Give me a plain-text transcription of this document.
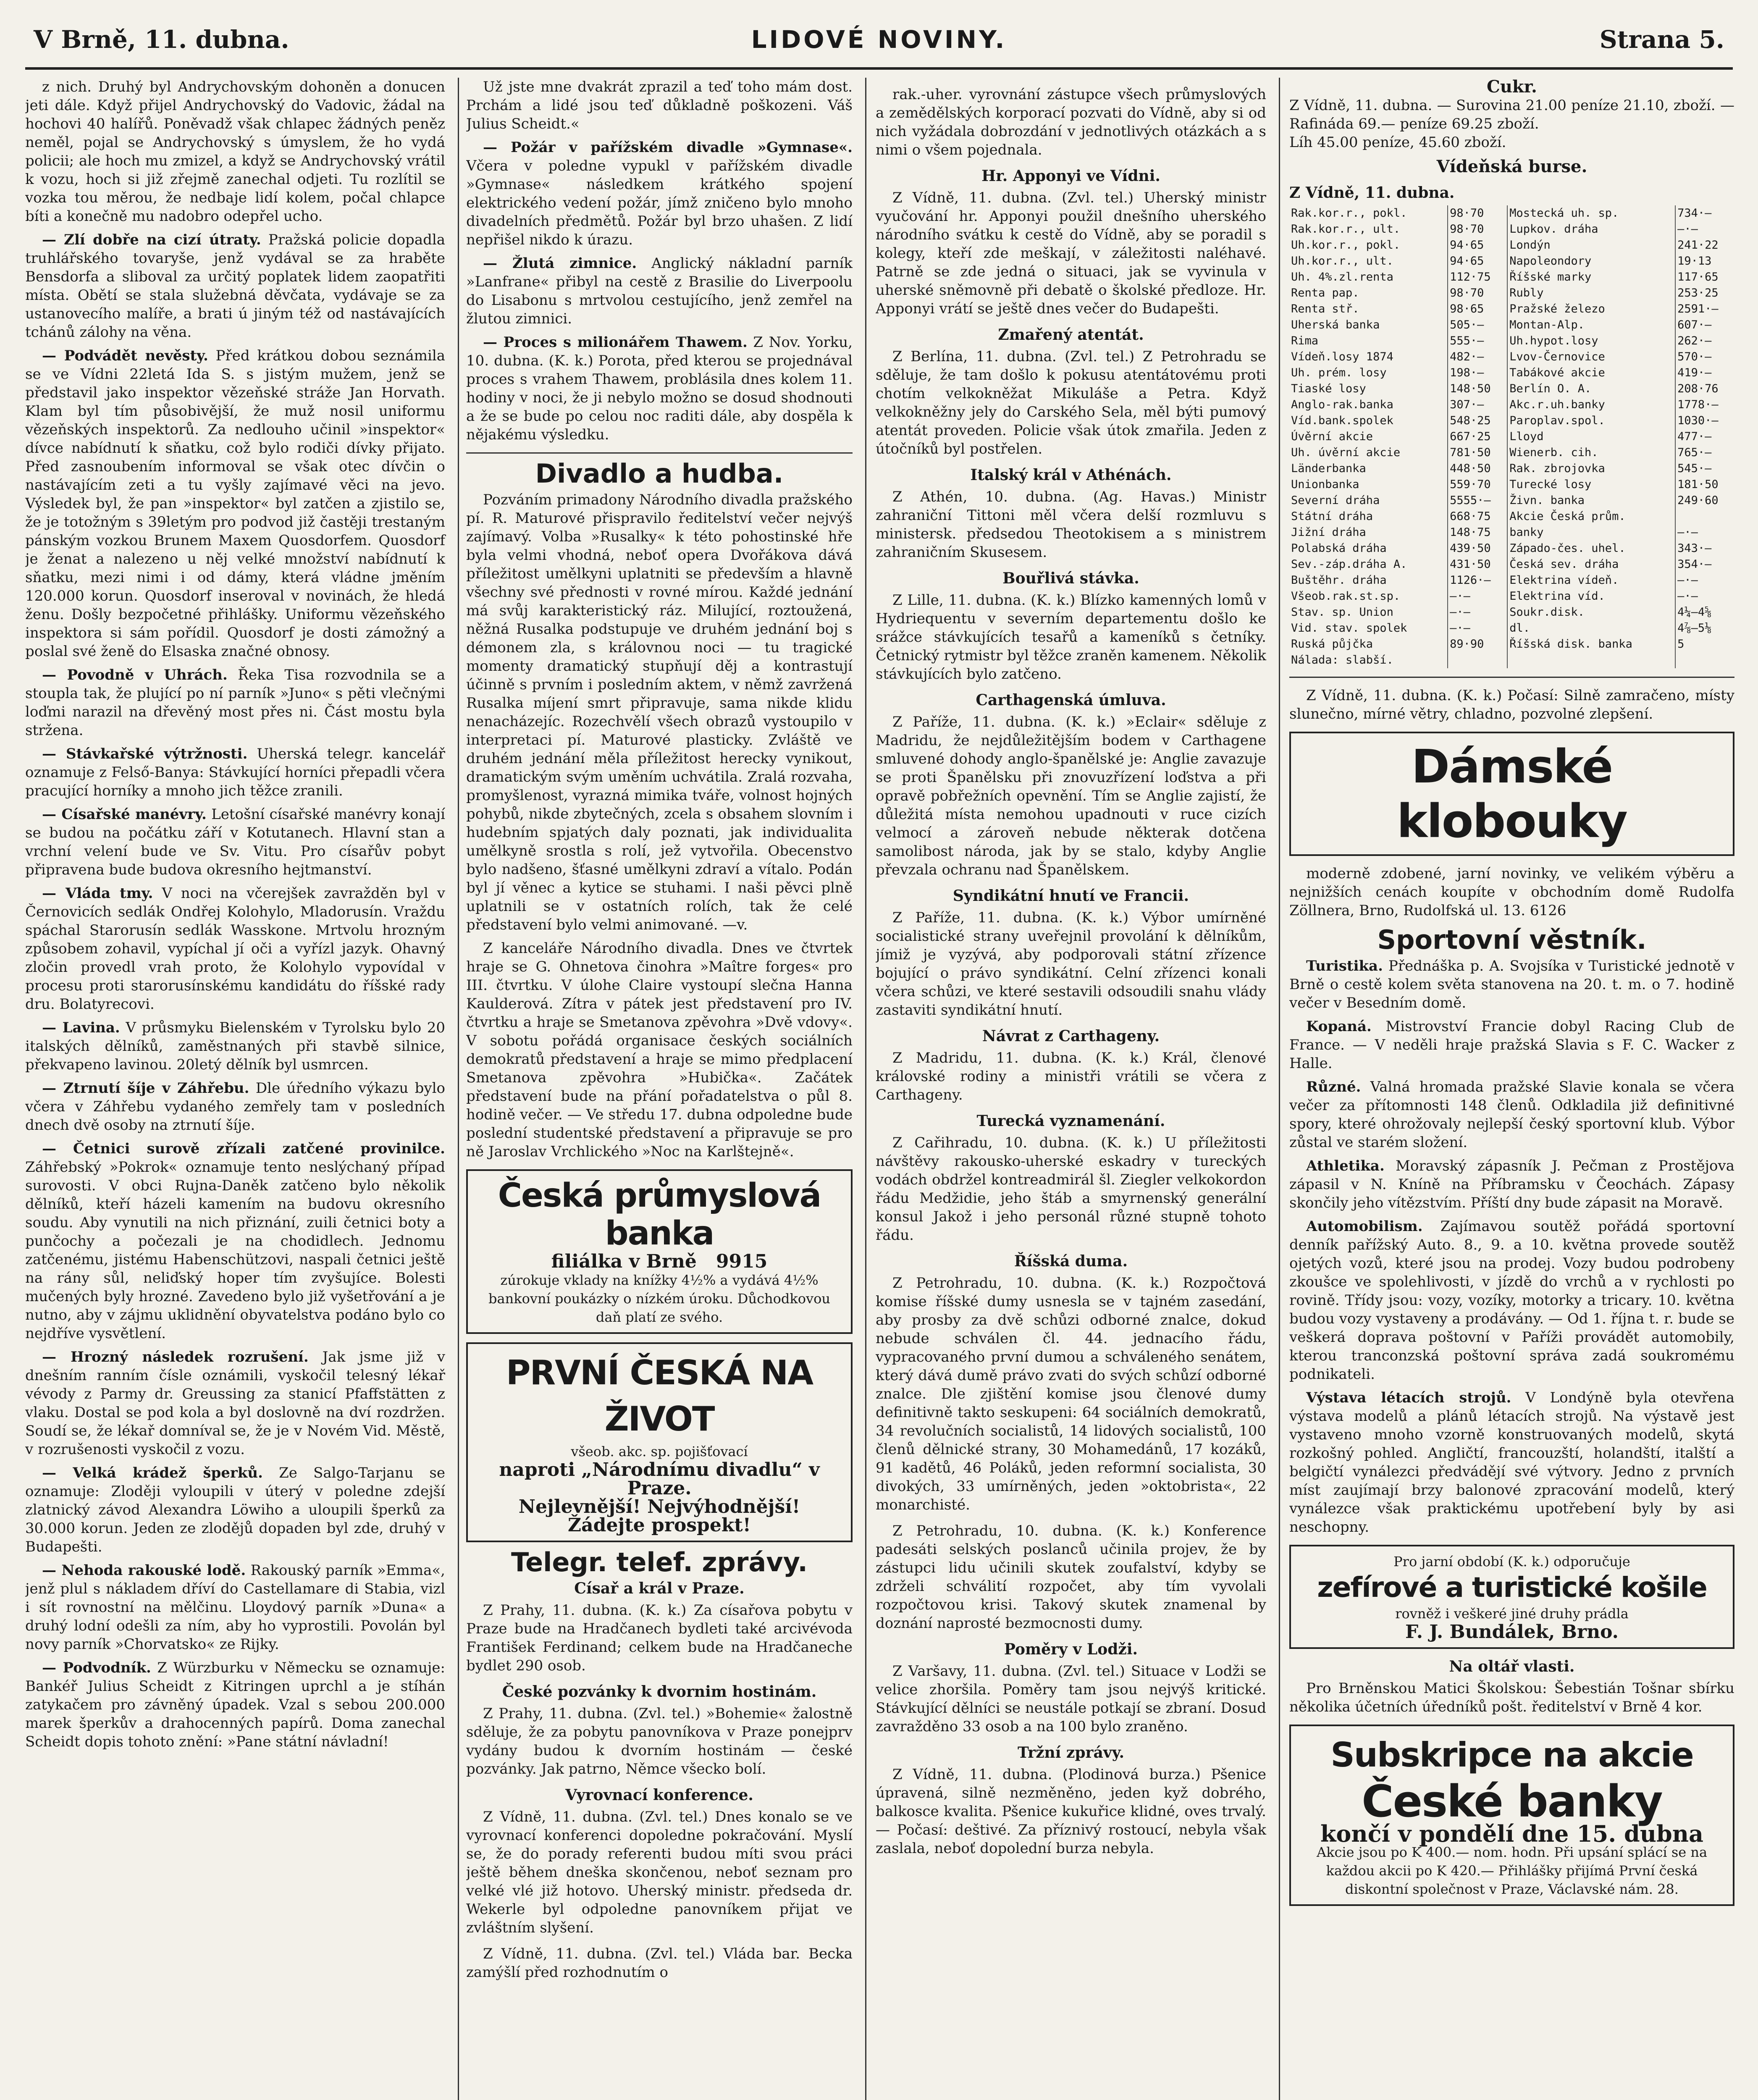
V Brně, 11. dubna.	LIDOVÉ NOVINY.	Strana 5.

z nich. Druhý byl Andrychovským dohoněn a donucen jeti dále. Když přijel Andrychovský do Vadovic, žádal na hochovi 40 halířů. Poněvadž však chlapec žádných peněz neměl, pojal se Andrychovský s úmyslem, že ho vydá policii; ale hoch mu zmizel, a když se Andrychovský vrátil k vozu, hoch si již zřejmě zanechal odjeti. Tu rozlítil se vozka tou měrou, že nedbaje lidí kolem, počal chlapce bíti a konečně mu nadobro odepřel ucho.

— Zlí dobře na cizí útraty. Pražská policie dopadla truhlářského tovaryše, jenž vydával se za hraběte Bensdorfa a sliboval za určitý poplatek lidem zaopatřiti místa. Obětí se stala služebná děvčata, vydávaje se za ustanovecího malíře, a brati ú jiným též od nastávajících tchánů zálohy na věna.

— Podvádět nevěsty. Před krátkou dobou seznámila se ve Vídni 22letá Ida S. s jistým mužem, jenž se představil jako inspektor vězeňské stráže Jan Horvath. Klam byl tím působivější, že muž nosil uniformu vězeňských inspektorů. Za nedlouho učinil »inspektor« dívce nabídnutí k sňatku, což bylo rodiči dívky přijato. Před zasnoubením informoval se však otec dívčin o nastávajícím zeti a tu vyšly zajímavé věci na jevo. Výsledek byl, že pan »inspektor« byl zatčen a zjistilo se, že je totožným s 39letým pro podvod již častěji trestaným pánským vozkou Brunem Maxem Quosdorfem. Quosdorf je ženat a nalezeno u něj velké množství nabídnutí k sňatku, mezi nimi i od dámy, která vládne jměním 120.000 korun. Quosdorf inseroval v novinách, že hledá ženu. Došly bezpočetné přihlášky. Uniformu vězeňského inspektora si sám pořídil. Quosdorf je dosti zámožný a poslal své ženě do Elsaska značné obnosy.

— Povodně v Uhrách. Řeka Tisa rozvodnila se a stoupla tak, že plující po ní parník »Juno« s pěti vlečnými loďmi narazil na dřevěný most přes ni. Část mostu byla stržena.

— Stávkařské výtržnosti. Uherská telegr. kancelář oznamuje z Felső-Banya: Stávkující horníci přepadli včera pracující horníky a mnoho jich těžce zranili.

— Císařské manévry. Letošní císařské manévry konají se budou na počátku září v Kotutanech. Hlavní stan a vrchní velení bude ve Sv. Vitu. Pro císařův pobyt připravena bude budova okresního hejtmanství.

— Vláda tmy. V noci na včerejšek zavražděn byl v Černovicích sedlák Ondřej Kolohylo, Mladorusín. Vraždu spáchal Starorusín sedlák Wasskone. Mrtvolu hrozným způsobem zohavil, vypíchal jí oči a vyřízl jazyk. Ohavný zločin provedl vrah proto, že Kolohylo vypovídal v procesu proti starorusínskému kandidátu do říšské rady dru. Bolatyrecovi.

— Lavina. V průsmyku Bielenském v Tyrolsku bylo 20 italských dělníků, zaměstnaných při stavbě silnice, překvapeno lavinou. 20letý dělník byl usmrcen.

— Ztrnutí šíje v Záhřebu. Dle úředního výkazu bylo včera v Záhřebu vydaného zemřely tam v posledních dnech dvě osoby na ztrnutí šíje.

— Četnici surově zřízali zatčené provinilce. Záhřebský »Pokrok« oznamuje tento neslýchaný případ surovosti. V obci Rujna-Daněk zatčeno bylo několik dělníků, kteří házeli kamením na budovu okresního soudu. Aby vynutili na nich přiznání, zuili četnici boty a punčochy a počezali je na chodidlech. Jednomu zatčenému, jistému Habenschützovi, naspali četnici ještě na rány sůl, neliďský hoper tím zvyšujíce. Bolesti mučených byly hrozné. Zavedeno bylo již vyšetřování a je nutno, aby v zájmu uklidnění obyvatelstva podáno bylo co nejdříve vysvětlení.

— Hrozný následek rozrušení. Jak jsme již v dnešním ranním čísle oznámili, vyskočil telesný lékař vévody z Parmy dr. Greussing za stanicí Pfaffstätten z vlaku. Dostal se pod kola a byl doslovně na dví rozdržen. Soudí se, že lékař domníval se, že je v Novém Vid. Městě, v rozrušenosti vyskočil z vozu.

— Velká krádež šperků. Ze Salgo-Tarjanu se oznamuje: Zloději vyloupili v úterý v poledne zdejší zlatnický závod Alexandra Löwiho a uloupili šperků za 30.000 korun. Jeden ze zlodějů dopaden byl zde, druhý v Budapešti.

— Nehoda rakouské lodě. Rakouský parník »Emma«, jenž plul s nákladem dříví do Castellamare di Stabia, vizl i sít rovnostní na mělčinu. Lloydový parník »Duna« a druhý lodní odešli za ním, aby ho vyprostili. Povolán byl novy parník »Chorvatsko« ze Rijky.

— Podvodník. Z Würzburku v Německu se oznamuje: Bankéř Julius Scheidt z Kitringen uprchl a je stíhán zatykačem pro závněný úpadek. Vzal s sebou 200.000 marek šperkův a drahocenných papírů. Doma zanechal Scheidt dopis tohoto znění: »Pane státní návladní!

Už jste mne dvakrát zprazil a teď toho mám dost. Prchám a lidé jsou teď důkladně poškozeni. Váš Julius Scheidt.«

— Požár v pařížském divadle »Gymnase«. Včera v poledne vypukl v pařížském divadle »Gymnase« následkem krátkého spojení elektrického vedení požár, jímž zničeno bylo mnoho divadelních předmětů. Požár byl brzo uhašen. Z lidí nepřišel nikdo k úrazu.

— Žlutá zimnice. Anglický nákladní parník »Lanfrane« přibyl na cestě z Brasilie do Liverpoolu do Lisabonu s mrtvolou cestujícího, jenž zemřel na žlutou zimnici.

— Proces s milionářem Thawem. Z Nov. Yorku, 10. dubna. (K. k.) Porota, před kterou se projednával proces s vrahem Thawem, problásila dnes kolem 11. hodiny v noci, že ji nebylo možno se dosud shodnouti a že se bude po celou noc raditi dále, aby dospěla k nějakému výsledku.

Divadlo a hudba.

Pozváním primadony Národního divadla pražského pí. R. Maturové přispravilo ředitelství večer nejvýš zajímavý. Volba »Rusalky« k této pohostinské hře byla velmi vhodná, neboť opera Dvořákova dává příležitost umělkyni uplatniti se především a hlavně všechny své přednosti v rovné mírou. Každé jednání má svůj karakteristický ráz. Milující, roztoužená, něžná Rusalka podstupuje ve druhém jednání boj s démonem zla, s královnou noci — tu tragické momenty dramatický stupňují děj a kontrastují účinně s prvním i posledním aktem, v němž zavržená Rusalka míjení smrt připravuje, sama nikde klidu nenacházejíc. Rozechvělí všech obrazů vystoupilo v interpretaci pí. Maturové plasticky. Zvláště ve druhém jednání měla příležitost herecky vynikout, dramatickým svým uměním uchvátila. Zralá rozvaha, promyšlenost, vyrazná mimika tváře, volnost hojných pohybů, nikde zbytečných, zcela s obsahem slovním i hudebním spjatých daly poznati, jak individualita umělkyně srostla s rolí, jež vytvořila. Obecenstvo bylo nadšeno, šťasné umělkyni zdraví a vítalo. Podán byl jí věnec a kytice se stuhami. I naši pěvci plně uplatnili se v ostatních rolích, tak že celé představení bylo velmi animované. —v.

Z kanceláře Národního divadla. Dnes ve čtvrtek hraje se G. Ohnetova činohra »Maître forges« pro III. čtvrtku. V úlohe Claire vystoupí slečna Hanna Kaulderová. Zítra v pátek jest představení pro IV. čtvrtku a hraje se Smetanova zpěvohra »Dvě vdovy«. V sobotu pořádá organisace českých sociálních demokratů představení a hraje se mimo předplacení Smetanova zpěvohra »Hubička«. Začátek představení bude na přání pořadatelstva o půl 8. hodině večer. — Ve středu 17. dubna odpoledne bude poslední studentské představení a připravuje se pro ně Jaroslav Vrchlického »Noc na Karlštejně«.

Česká průmyslová banka
filiálka v Brně 9915
zúrokuje vklady na knížky 4½% a vydává 4½% bankovní poukázky o nízkém úroku. Důchodkovou daň platí ze svého.
PRVNÍ ČESKÁ NA ŽIVOT
všeob. akc. sp. pojišťovací
naproti „Národnímu divadlu“ v Praze.
Nejlevnější! Nejvýhodnější!
Žádejte prospekt!
Telegr. telef. zprávy.
Císař a král v Praze.

Z Prahy, 11. dubna. (K. k.) Za císařova pobytu v Praze bude na Hradčanech bydleti také arcivévoda František Ferdinand; celkem bude na Hradčaneche bydlet 290 osob.

České pozvánky k dvornim hostinám.

Z Prahy, 11. dubna. (Zvl. tel.) »Bohemie« žalostně sděluje, že za pobytu panovníkova v Praze ponejprv vydány budou k dvorním hostinám — české pozvánky. Jak patrno, Němce všecko bolí.

Vyrovnací konference.

Z Vídně, 11. dubna. (Zvl. tel.) Dnes konalo se ve vyrovnací konferenci dopoledne pokračování. Myslí se, že do porady referenti budou míti svou práci ještě během dneška skončenou, neboť seznam pro velké vlé již hotovo. Uherský ministr. předseda dr. Wekerle byl odpoledne panovníkem přijat ve zvláštním slyšení.

Z Vídně, 11. dubna. (Zvl. tel.) Vláda bar. Becka zamýšlí před rozhodnutím o

rak.-uher. vyrovnání zástupce všech průmyslových a zemědělských korporací pozvati do Vídně, aby si od nich vyžádala dobrozdání v jednotlivých otázkách a s nimi o všem pojednala.

Hr. Apponyi ve Vídni.

Z Vídně, 11. dubna. (Zvl. tel.) Uherský ministr vyučování hr. Apponyi použil dnešního uherského národního svátku k cestě do Vídně, aby se poradil s kolegy, kteří zde meškají, v záležitosti naléhavé. Patrně se zde jedná o situaci, jak se vyvinula v uherské sněmovně při debatě o školské předloze. Hr. Apponyi vrátí se ještě dnes večer do Budapešti.

Zmařený atentát.

Z Berlína, 11. dubna. (Zvl. tel.) Z Petrohradu se sděluje, že tam došlo k pokusu atentátovému proti chotím velkokněžat Mikuláše a Petra. Když velkokněžny jely do Carského Sela, měl býti pumový atentát proveden. Policie však útok zmařila. Jeden z útočníků byl postřelen.

Italský král v Athénách.

Z Athén, 10. dubna. (Ag. Havas.) Ministr zahraniční Tittoni měl včera delší rozmluvu s ministersk. předsedou Theotokisem a s ministrem zahraničním Skusesem.

Bouřlivá stávka.

Z Lille, 11. dubna. (K. k.) Blízko kamenných lomů v Hydriequentu v severním departementu došlo ke srážce stávkujících tesařů a kameníků s četníky. Četnický rytmistr byl těžce zraněn kamenem. Několik stávkujících bylo zatčeno.

Carthagenská úmluva.

Z Paříže, 11. dubna. (K. k.) »Eclair« sděluje z Madridu, že nejdůležitějším bodem v Carthagene smluvené dohody anglo-španělské je: Anglie zavazuje se proti Španělsku při znovuzřízení loďstva a při opravě pobřežních opevnění. Tím se Anglie zajistí, že důležitá místa nemohou upadnouti v ruce cizích velmocí a zároveň nebude některak dotčena samolibost národa, jak by se stalo, kdyby Anglie převzala ochranu nad Španělskem.

Syndikátní hnutí ve Francii.

Z Paříže, 11. dubna. (K. k.) Výbor umírněné socialistické strany uveřejnil provolání k dělníkům, jímiž je vyzývá, aby podporovali státní zřízence bojující o právo syndikátní. Celní zřízenci konali včera schůzi, ve které sestavili odsoudili snahu vlády zastaviti syndikátní hnutí.

Návrat z Carthageny.

Z Madridu, 11. dubna. (K. k.) Král, členové královské rodiny a ministři vrátili se včera z Carthageny.

Turecká vyznamenání.

Z Cařihradu, 10. dubna. (K. k.) U příležitosti návštěvy rakousko-uherské eskadry v tureckých vodách obdržel kontreadmirál šl. Ziegler velkokordon řádu Medžidie, jeho štáb a smyrnenský generální konsul Jakož i jeho personál různé stupně tohoto řádu.

Říšská duma.

Z Petrohradu, 10. dubna. (K. k.) Rozpočtová komise říšské dumy usnesla se v tajném zasedání, aby prosby za dvě schůzi odborné znalce, dokud nebude schválen čl. 44. jednacího řádu, vypracovaného první dumou a schváleného senátem, který dává dumě právo zvati do svých schůzí odborné znalce. Dle zjištění komise jsou členové dumy definitivně takto seskupeni: 64 sociálních demokratů, 34 revolučních socialistů, 14 lidových socialistů, 100 členů dělnické strany, 30 Mohamedánů, 17 kozáků, 91 kadětů, 46 Poláků, jeden reformní socialista, 30 divokých, 33 umírněných, jeden »oktobrista«, 22 monarchisté.

Z Petrohradu, 10. dubna. (K. k.) Konference padesáti selských poslanců učinila projev, že by zástupci lidu učinili skutek zoufalství, kdyby se zdrželi schválití rozpočet, aby tím vyvolali rozpočtovou krisi. Takový skutek znamenal by doznání naprosté bezmocnosti dumy.

Poměry v Lodži.

Z Varšavy, 11. dubna. (Zvl. tel.) Situace v Lodži se velice zhoršila. Poměry tam jsou nejvýš kritické. Stávkující dělníci se neustále potkají se zbraní. Dosud zavražděno 33 osob a na 100 bylo zraněno.

Tržní zprávy.

Z Vídně, 11. dubna. (Plodinová burza.) Pšenice úpravená, silně nezměněno, jeden kyž dobrého, balkosce kvalita. Pšenice kukuřice klidné, oves trvalý. — Počasí: deštivé. Za příznivý rostoucí, nebyla však zaslala, neboť dopolední burza nebyla.

Cukr.
Z Vídně, 11. dubna. — Surovina 21.00 peníze 21.10, zboží. — Rafináda 69.— peníze 69.25 zboží.
Líh 45.00 peníze, 45.60 zboží.
Vídeňská burse.
Z Vídně, 11. dubna.
Rak.kor.r., pokl.	98·70	Mostecká uh. sp.	734·—
Rak.kor.r., ult.	98·70	Lupkov. dráha	—·—
Uh.kor.r., pokl.	94·65	Londýn	241·22
Uh.kor.r., ult.	94·65	Napoleondory	19·13
Uh. 4%.zl.renta	112·75	Říšské marky	117·65
Renta pap.	98·70	Rubly	253·25
Renta stř.	98·65	Pražské železo	2591·—
Uherská banka	505·—	Montan-Alp.	607·—
Rima	555·—	Uh.hypot.losy	262·—
Vídeň.losy 1874	482·—	Lvov-Černovice	570·—
Uh. prém. losy	198·—	Tabákové akcie	419·—
Tiaské losy	148·50	Berlín O. A.	208·76
Anglo-rak.banka	307·—	Akc.r.uh.banky	1778·—
Víd.bank.spolek	548·25	Paroplav.spol.	1030·—
Úvěrní akcie	667·25	Lloyd	477·—
Uh. úvěrní akcie	781·50	Wienerb. cih.	765·—
Länderbanka	448·50	Rak. zbrojovka	545·—
Unionbanka	559·70	Turecké losy	181·50
Severní dráha	5555·—	Živn. banka	249·60
Státní dráha	668·75	Akcie Česká prům.	
Jižní dráha	148·75	banky	—·—
Polabská dráha	439·50	Západo-čes. uhel.	343·—
Sev.-záp.dráha A.	431·50	Česká sev. dráha	354·—
Buštěhr. dráha	1126·—	Elektrina vídeň.	—·—
Všeob.rak.st.sp.	—·—	Elektrina víd.	—·—
Stav. sp. Union	—·—	Soukr.disk.	4¼–4⅝
Vid. stav. spolek	—·—	dl.	4⅞–5⅛
Ruská půjčka	89·90	Říšská disk. banka	5
Nálada: slabší.			

Z Vídně, 11. dubna. (K. k.) Počasí: Silně zamračeno, místy slunečno, mírné větry, chladno, pozvolné zlepšení.

Dámské klobouky

moderně zdobené, jarní novinky, ve velikém výběru a nejnižších cenách koupíte v obchodním domě Rudolfa Zöllnera, Brno, Rudolfská ul. 13. 6126

Sportovní věstník.

Turistika. Přednáška p. A. Svojsíka v Turistické jednotě v Brně o cestě kolem světa stanovena na 20. t. m. o 7. hodině večer v Besedním domě.

Kopaná. Mistrovství Francie dobyl Racing Club de France. — V neděli hraje pražská Slavia s F. C. Wacker z Halle.

Různé. Valná hromada pražské Slavie konala se včera večer za přítomnosti 148 členů. Odkladila již definitivné spory, které ohrožovaly nejlepší český sportovní klub. Výbor zůstal ve starém složení.

Athletika. Moravský zápasník J. Pečman z Prostějova zápasil v N. Kníně na Příbramsku v Čeochách. Zápasy skončily jeho vítězstvím. Příští dny bude zápasit na Moravě.

Automobilism. Zajímavou soutěž pořádá sportovní denník pařížský Auto. 8., 9. a 10. května provede soutěž ojetých vozů, které jsou na prodej. Vozy budou podrobeny zkoušce ve spolehlivosti, v jízdě do vrchů a v rychlosti po rovině. Třídy jsou: vozy, vozíky, motorky a tricary. 10. května budou vozy vystaveny a prodávány. — Od 1. října t. r. bude se veškerá doprava poštovní v Paříži provádět automobily, kterou tranconzská poštovní správa zadá soukromému podnikateli.

Výstava létacích strojů. V Londýně byla otevřena výstava modelů a plánů létacích strojů. Na výstavě jest vystaveno mnoho vzorně konstruovaných modelů, skytá rozkošný pohled. Angličtí, francouzští, holandští, italští a belgičtí vynálezci předvádějí své výtvory. Jedno z prvních míst zaujímají brzy balonové zpracování modelů, který vynálezce však praktickému upotřebení byly by asi neschopny.

Pro jarní období (K. k.) odporučuje
zefírové a turistické košile
rovněž i veškeré jiné druhy prádla
F. J. Bundálek, Brno.
Na oltář vlasti.

Pro Brněnskou Matici Školskou: Šebestián Tošnar sbírku několika účetních úředníků pošt. ředitelství v Brně 4 kor.

Subskripce na akcie
České banky
končí v pondělí dne 15. dubna
Akcie jsou po K 400.— nom. hodn. Při upsání splácí se na každou akcii po K 420.— Přihlášky přijímá První česká diskontní společnost v Praze, Václavské nám. 28.
